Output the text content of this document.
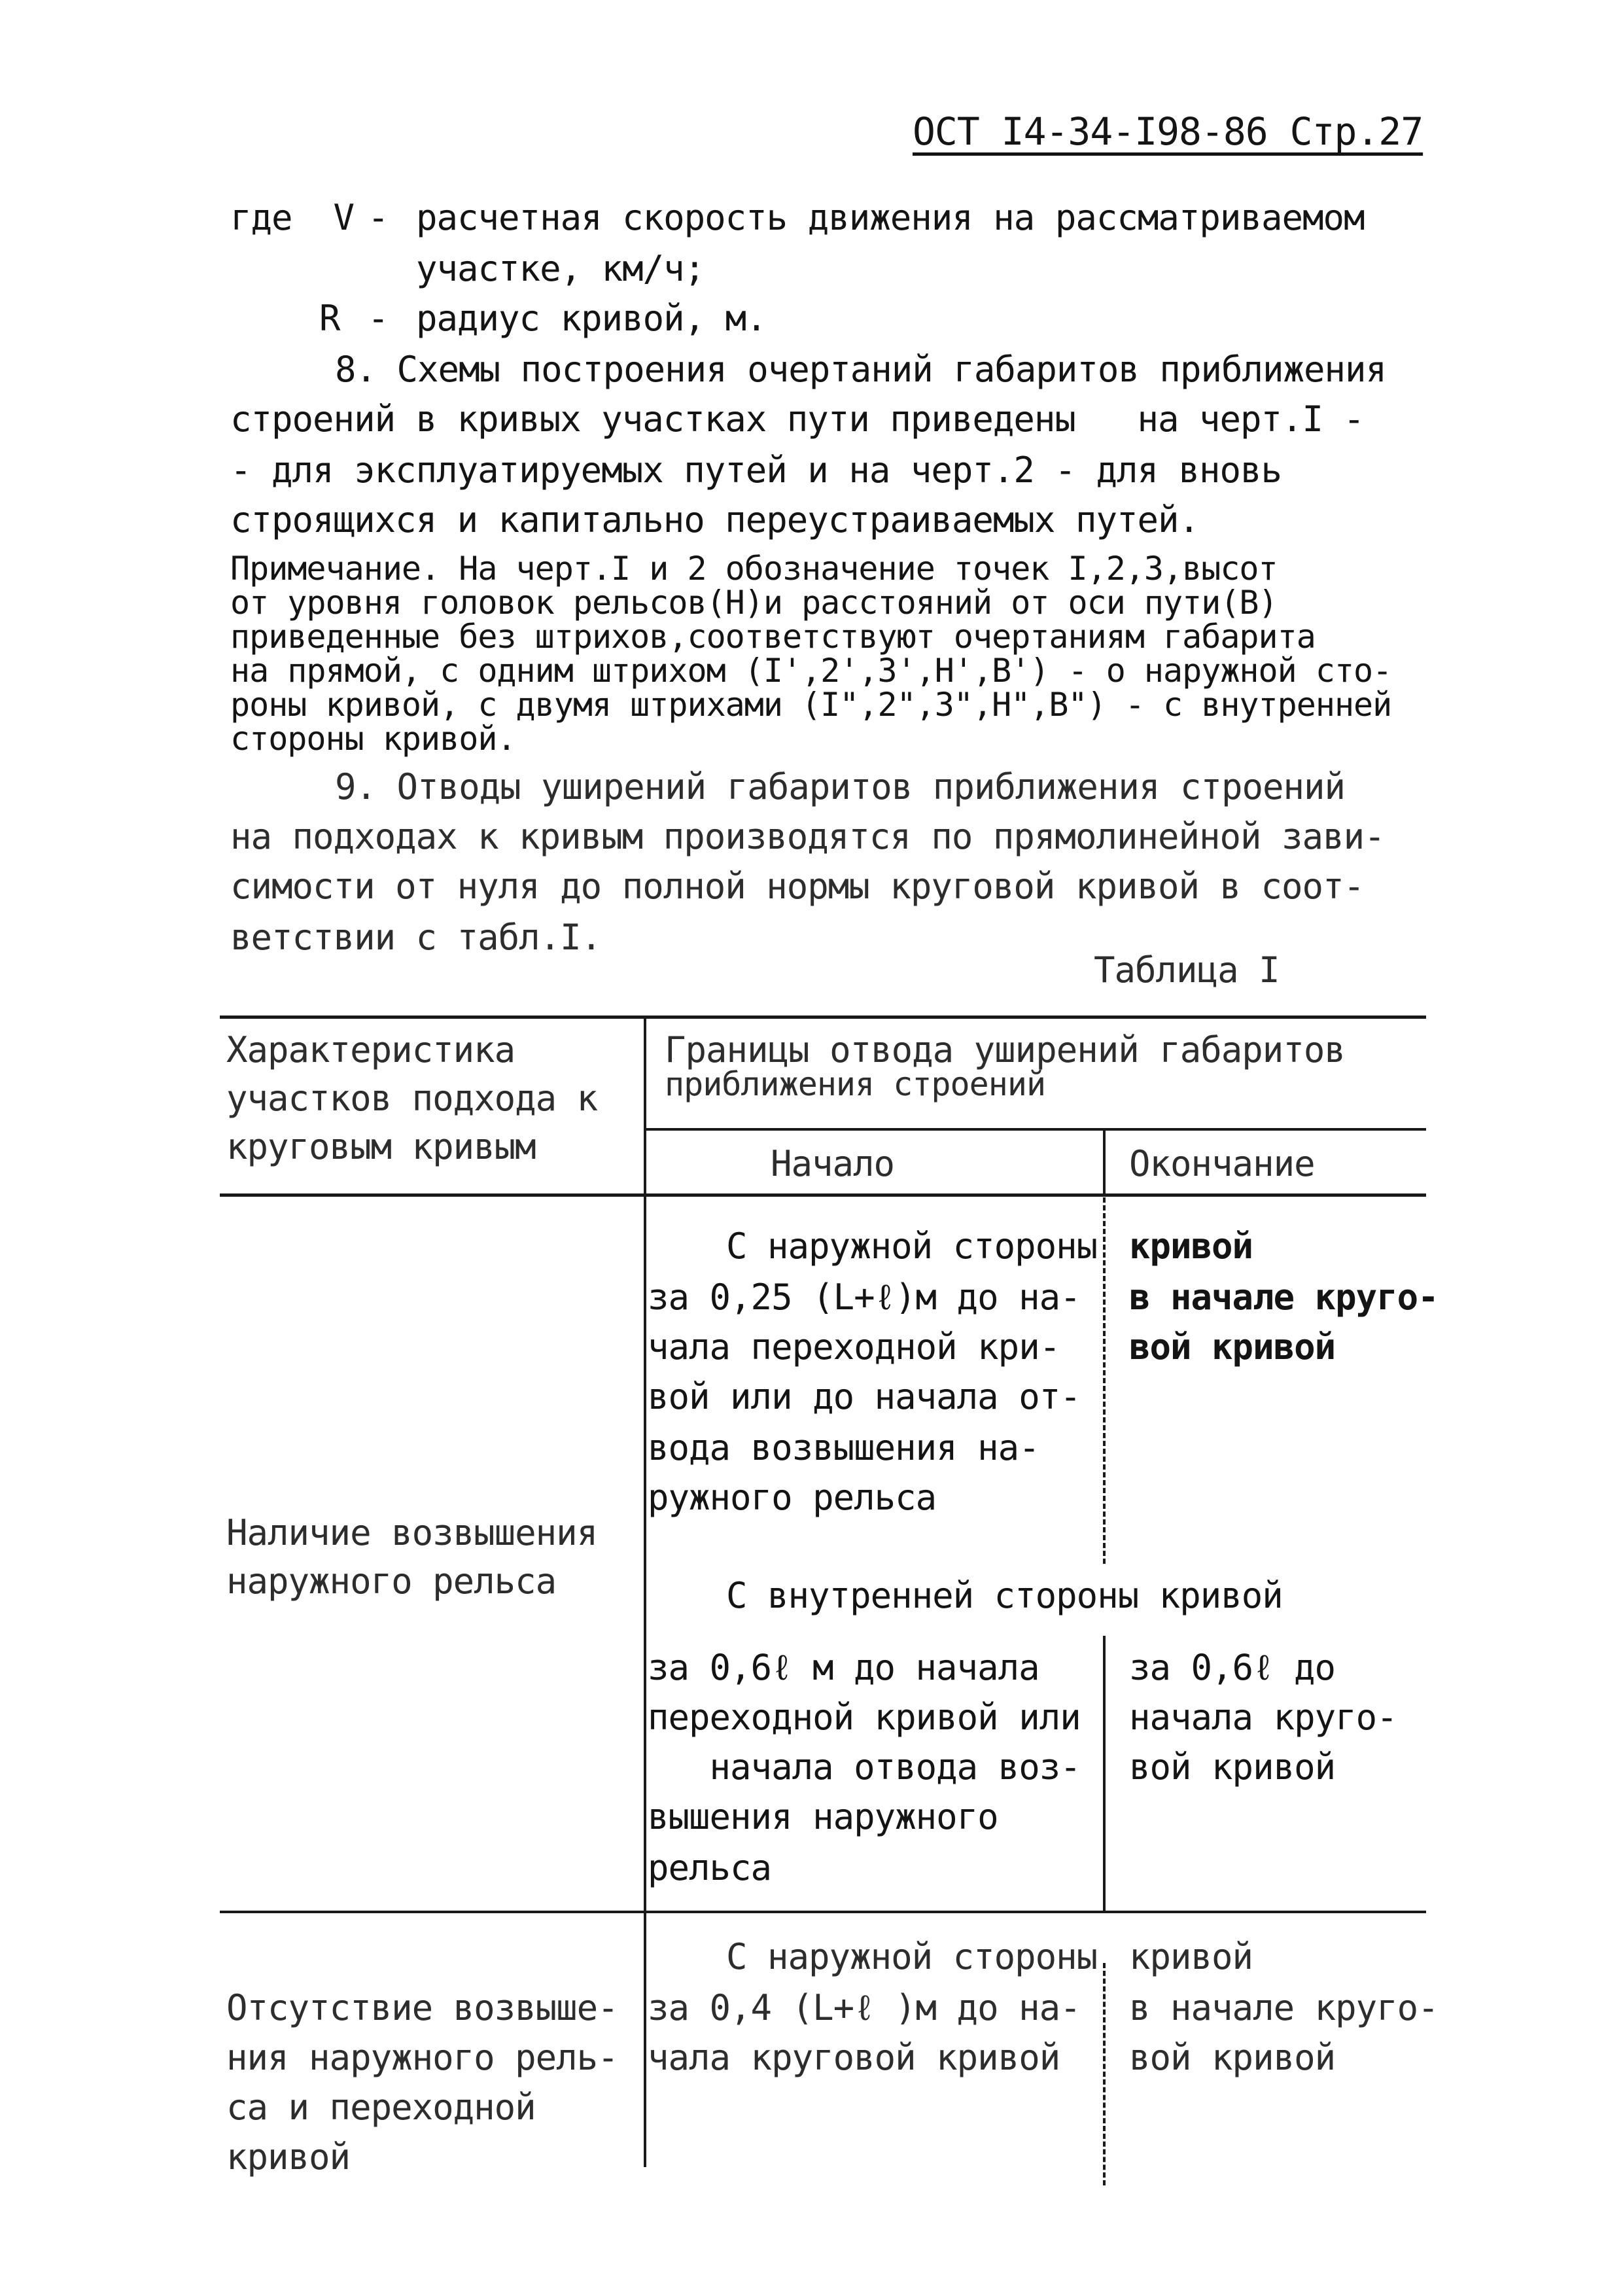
ОСТ I4-34-I98-86 Стр.27
где  V - расчетная скорость движения на рассматриваемом
участке, км/ч;
R - радиус кривой, м.
8. Схемы построения очертаний габаритов приближения
строений в кривых участках пути приведены   на черт.I -
- для эксплуатируемых путей и на черт.2 - для вновь
строящихся и капитально переустраиваемых путей.
Примечание. На черт.I и 2 обозначение точек I,2,3,высот
от уровня головок рельсов(Н)и расстояний от оси пути(В)
приведенные без штрихов,соответствуют очертаниям габарита
на прямой, с одним штрихом (I',2',3',Н',В') - о наружной сто-
роны кривой, с двумя штрихами (I",2",3",Н",В") - с внутренней
стороны кривой.
9. Отводы уширений габаритов приближения строений
на подходах к кривым производятся по прямолинейной зави-
симости от нуля до полной нормы круговой кривой в соот-
ветствии с табл.I.
Таблица I
Характеристика
участков подхода к
круговым кривым
Границы отвода уширений габаритов
приближения строений
Начало	Окончание
Наличие возвышения
наружного рельса
С наружной стороны кривой
за 0,25 (L+ℓ)м до на-
чала переходной кри-
вой или до начала от-
вода возвышения на-
ружного рельса
в начале круго-
вой кривой
С внутренней стороны кривой
за 0,6ℓ м до начала
переходной кривой или
начала отвода воз-
вышения наружного
рельса
за 0,6ℓ до
начала круго-
вой кривой
Отсутствие возвыше-
ния наружного рель-
са и переходной
кривой
С наружной стороны кривой
за 0,4 (L+ℓ )м до на-
чала круговой кривой
в начале круго-
вой кривой
